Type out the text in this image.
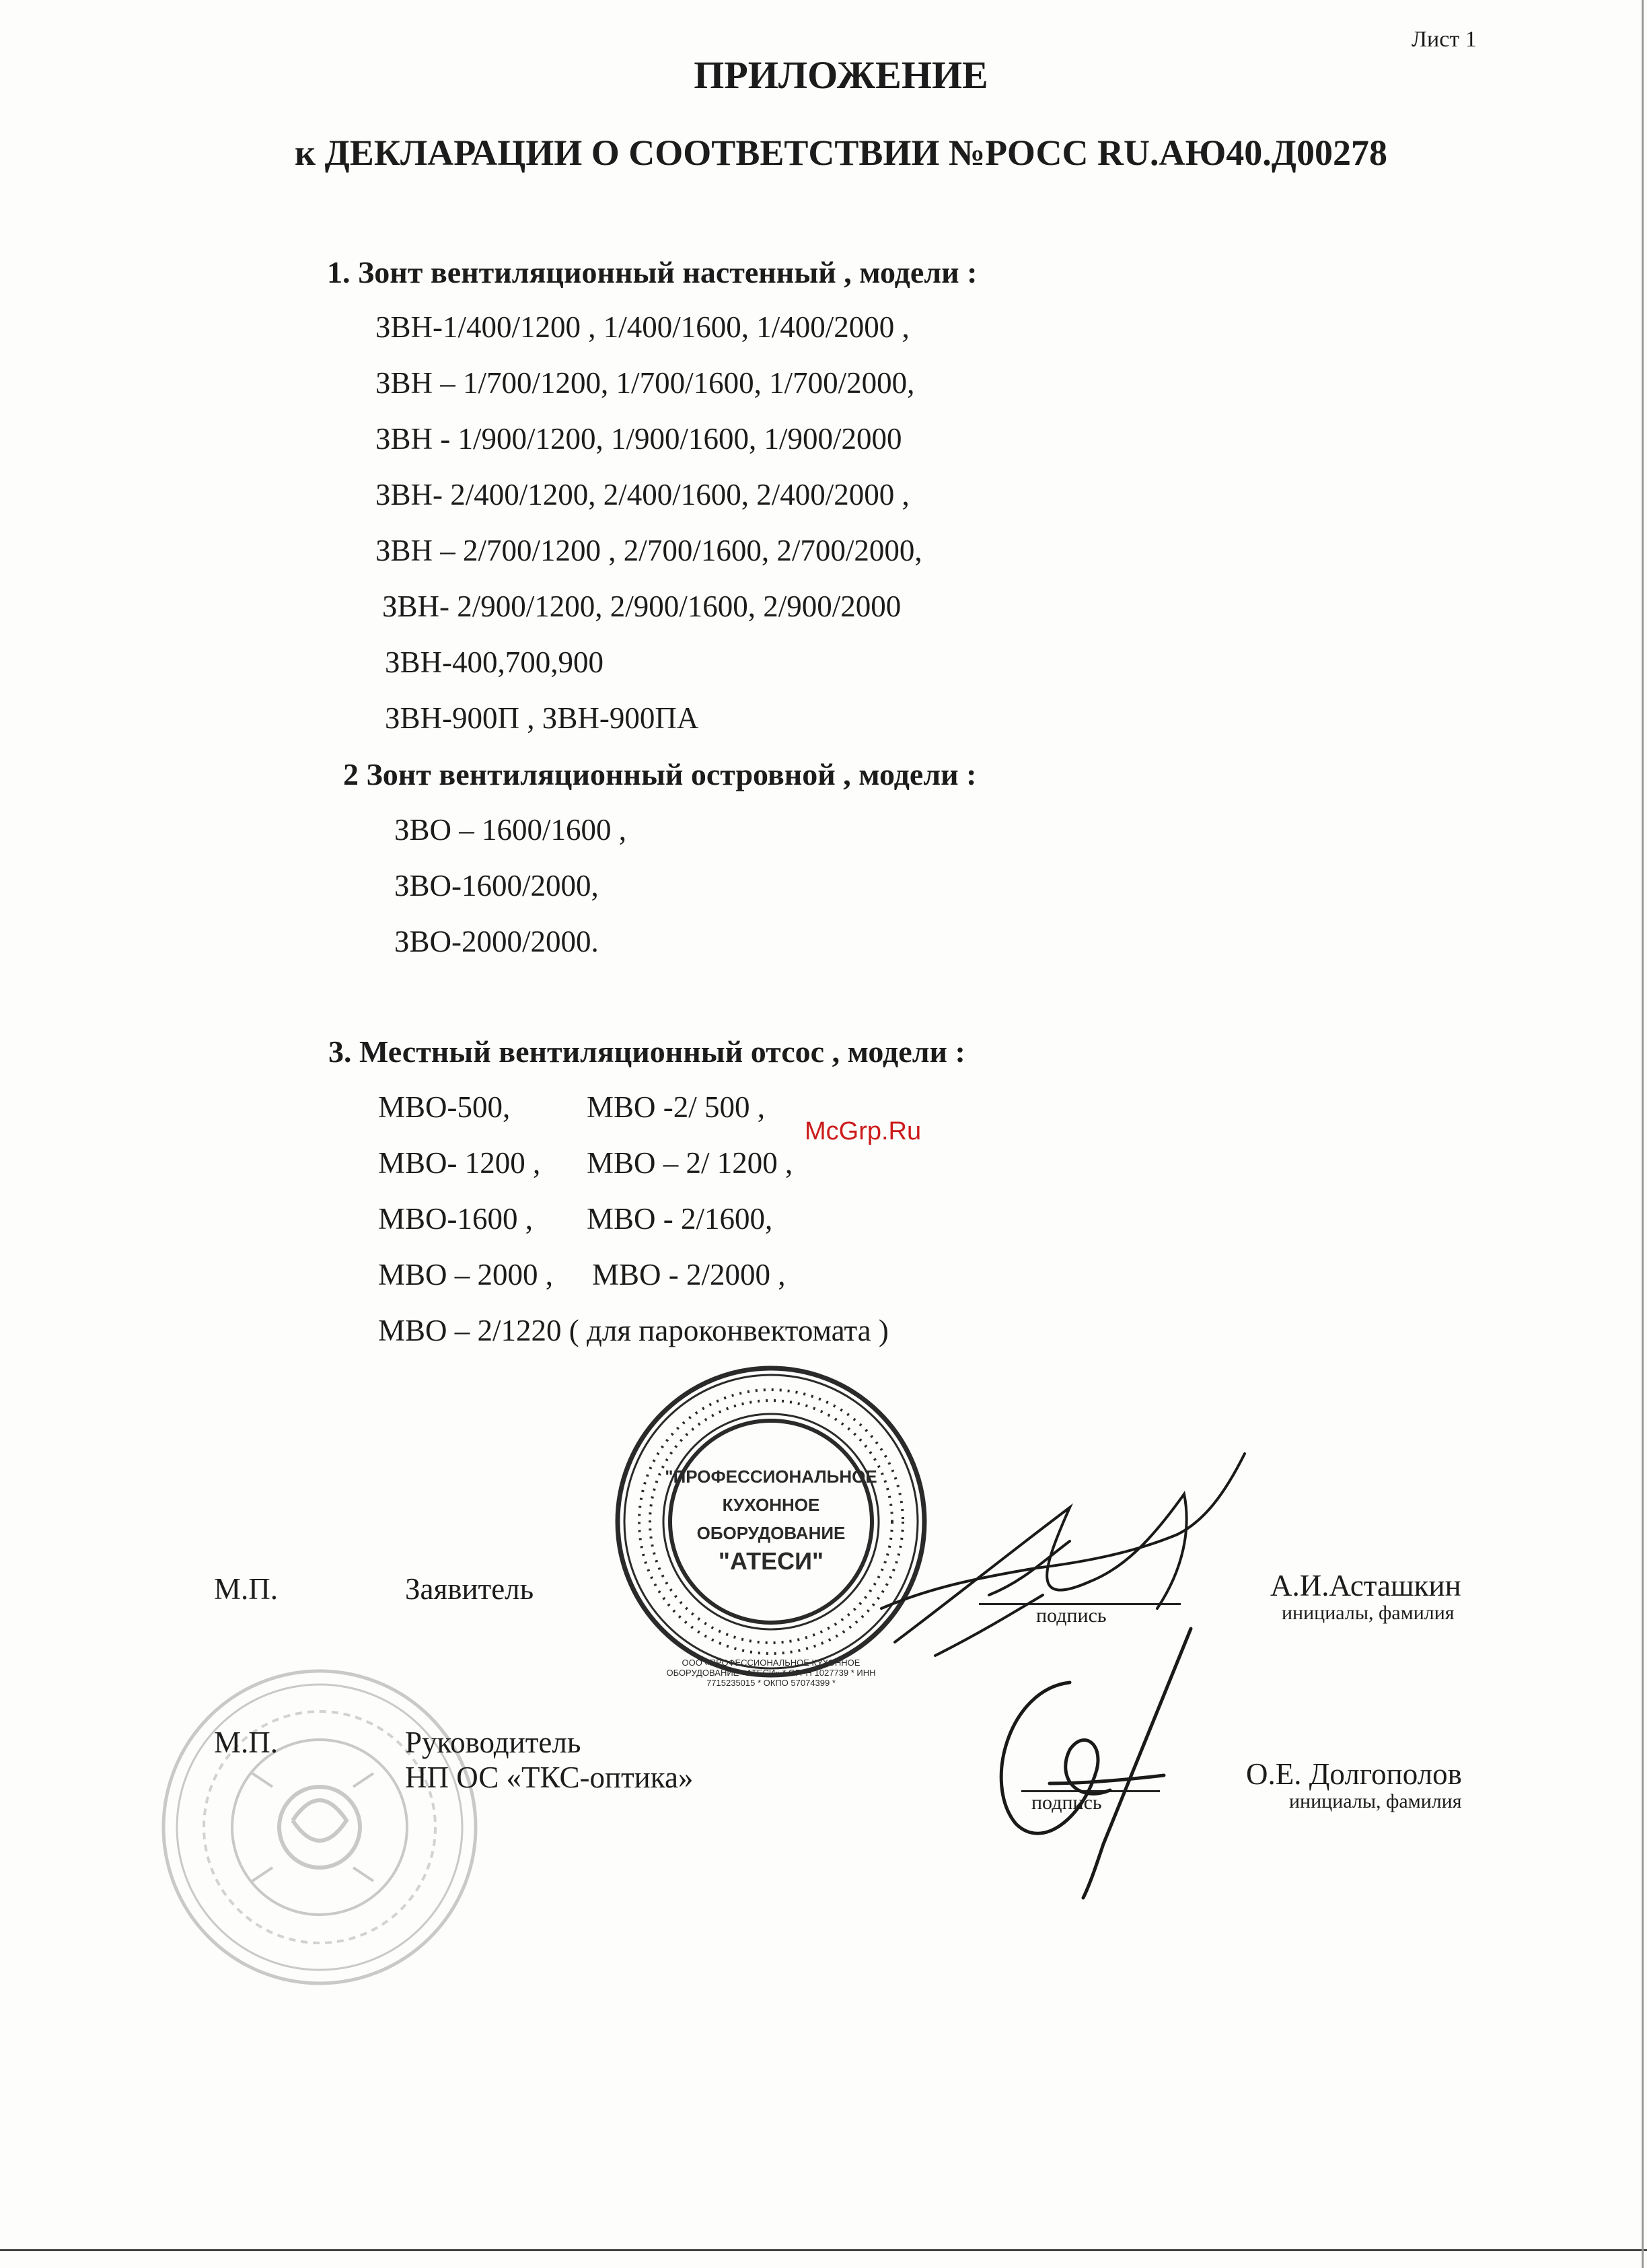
Лист 1
ПРИЛОЖЕНИЕ
к ДЕКЛАРАЦИИ О СООТВЕТСТВИИ №РОСС RU.АЮ40.Д00278
1. Зонт вентиляционный настенный , модели :
ЗВН-1/400/1200 , 1/400/1600, 1/400/2000 ,
ЗВН – 1/700/1200, 1/700/1600, 1/700/2000,
ЗВН - 1/900/1200, 1/900/1600, 1/900/2000
ЗВН- 2/400/1200, 2/400/1600, 2/400/2000 ,
ЗВН – 2/700/1200 , 2/700/1600, 2/700/2000,
ЗВН- 2/900/1200, 2/900/1600, 2/900/2000
ЗВН-400,700,900
ЗВН-900П , ЗВН-900ПА
2 Зонт вентиляционный островной , модели :
ЗВО – 1600/1600 ,
ЗВО-1600/2000,
ЗВО-2000/2000.
3. Местный вентиляционный отсос , модели :
МВО-500,	МВО -2/ 500 ,
МВО- 1200 , МВО – 2/ 1200 ,
МВО-1600 , МВО - 2/1600,
МВО – 2000 , МВО - 2/2000 ,
МВО – 2/1220 ( для пароконвектомата )
McGrp.Ru
"ПРОФЕССИОНАЛЬНОЕ
КУХОННОЕ
ОБОРУДОВАНИЕ
"АТЕСИ"
ООО «ПРОФЕССИОНАЛЬНОЕ КУХОННОЕ ОБОРУДОВАНИЕ «АТЕСИ» * ОГРН 1027739 * ИНН 7715235015 * ОКПО 57074399 *
М.П.	Заявитель
подпись
А.И.Асташкин
инициалы, фамилия
М.П.	Руководитель
НП ОС «ТКС-оптика»
подпись
О.Е. Долгополов
инициалы, фамилия
